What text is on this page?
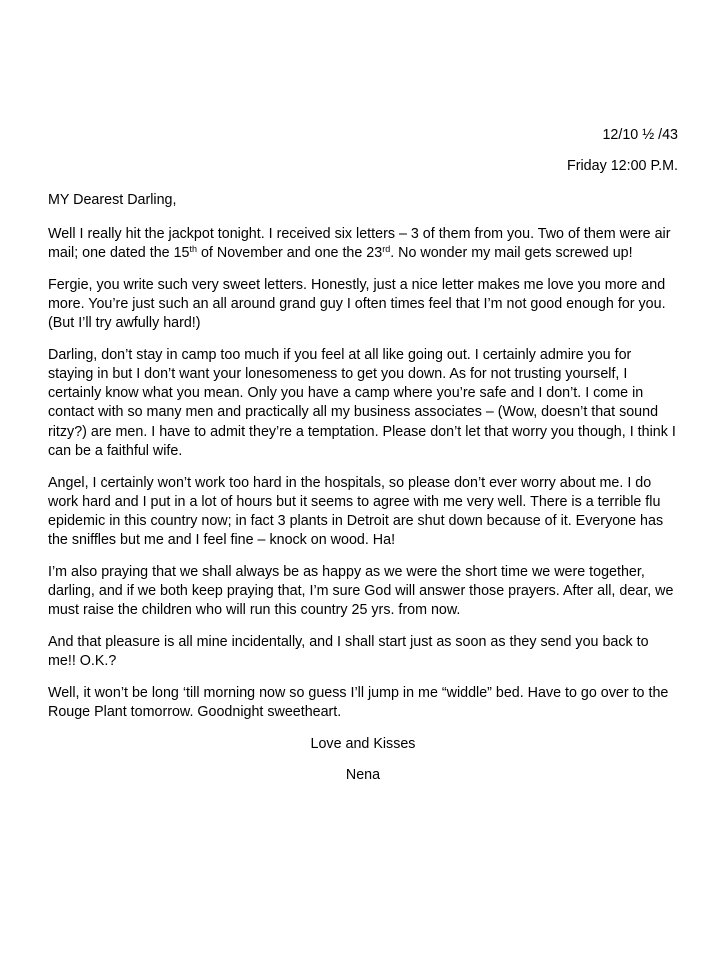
12/10 ½ /43

Friday 12:00 P.M.

MY Dearest Darling,

Well I really hit the jackpot tonight. I received six letters – 3 of them from you. Two of them were air mail; one dated the 15th of November and one the 23rd. No wonder my mail gets screwed up!

Fergie, you write such very sweet letters. Honestly, just a nice letter makes me love you more and more. You’re just such an all around grand guy I often times feel that I’m not good enough for you. (But I’ll try awfully hard!)

Darling, don’t stay in camp too much if you feel at all like going out. I certainly admire you for staying in but I don’t want your lonesomeness to get you down. As for not trusting yourself, I certainly know what you mean. Only you have a camp where you’re safe and I don’t. I come in contact with so many men and practically all my business associates – (Wow, doesn’t that sound ritzy?) are men. I have to admit they’re a temptation. Please don’t let that worry you though, I think I can be a faithful wife.

Angel, I certainly won’t work too hard in the hospitals, so please don’t ever worry about me. I do work hard and I put in a lot of hours but it seems to agree with me very well. There is a terrible flu epidemic in this country now; in fact 3 plants in Detroit are shut down because of it. Everyone has the sniffles but me and I feel fine – knock on wood. Ha!

I’m also praying that we shall always be as happy as we were the short time we were together, darling, and if we both keep praying that, I’m sure God will answer those prayers. After all, dear, we must raise the children who will run this country 25 yrs. from now.

And that pleasure is all mine incidentally, and I shall start just as soon as they send you back to me!! O.K.?

Well, it won’t be long ‘till morning now so guess I’ll jump in me “widdle” bed. Have to go over to the Rouge Plant tomorrow. Goodnight sweetheart.

Love and Kisses

Nena
